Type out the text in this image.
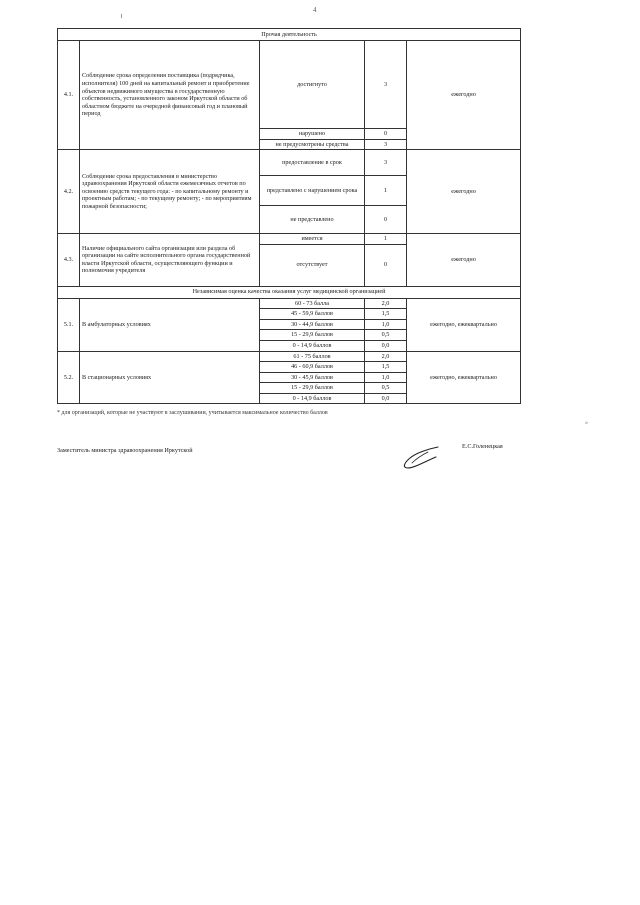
4
Прочая деятельность				
4.1.	Соблюдение срока определения поставщика (подрядчика, исполнителя) 100 дней на капитальный ремонт и приобретение объектов недвижимого имущества в государственную собственность, установленного законом Иркутской области об областном бюджете на очередной финансовый год и плановый период	достигнуто	3	ежегодно
		нарушено	0	
		не предусмотрены средства	3	
4.2.	Соблюдение срока предоставления в министерство здравоохранения Иркутской области ежемесячных отчетов по освоению средств текущего года: - по капитальному ремонту и проектным работам; - по текущему ремонту; - по мероприятиям пожарной безопасности;	предоставление в срок	3	ежегодно
		представлено с нарушением срока	1	
		не представлено	0	
4.3.	Наличие официального сайта организации или раздела об организации на сайте исполнительного органа государственной власти Иркутской области, осуществляющего функции и полномочия учредителя	имеется	1	ежегодно
		отсутствует	0	
Независимая оценка качества оказания услуг медицинской организацией				
5.1.	В амбулаторных условиях	60 - 73 балла	2,0	ежегодно, ежеквартально
		45 - 59,9 баллов	1,5	
		30 - 44,9 баллов	1,0	
		15 - 29,9 баллов	0,5	
		0 - 14,9 баллов	0,0	
5.2.	В стационарных условиях	61 - 75 баллов	2,0	ежегодно, ежеквартально
		46 - 60,9 баллов	1,5	
		30 - 45,9 баллов	1,0	
		15 - 29,9 баллов	0,5	
		0 - 14,9 баллов	0,0	
* для организаций, которые не участвуют в заслушивании, учитывается максимальное количество баллов
»
Заместитель министра здравоохранения Иркутской
Е.С.Голенецкая
